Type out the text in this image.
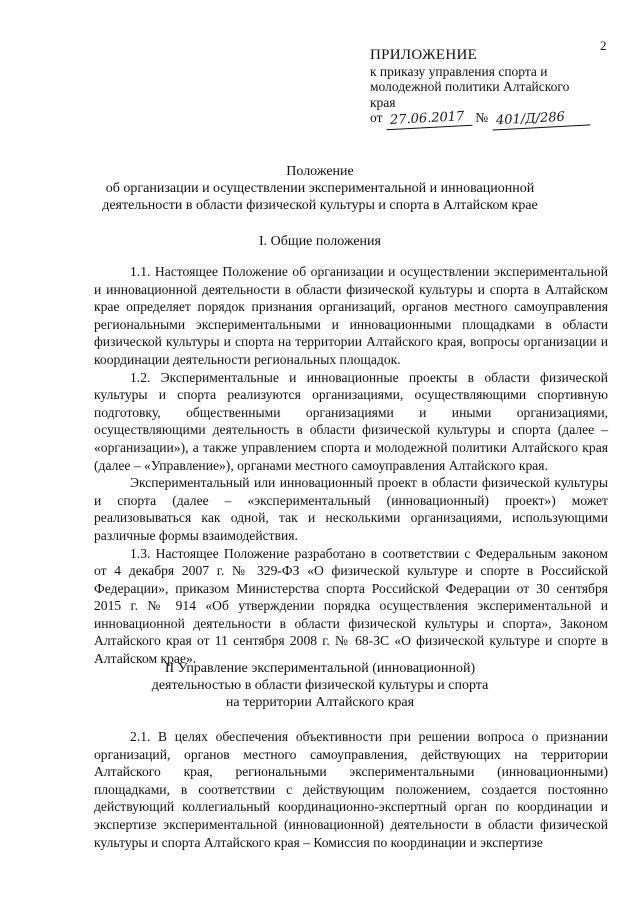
2
ПРИЛОЖЕНИЕ
к приказу управления спорта и
молодежной политики Алтайского
края
от 27.06.2017 № 401/Д/286
Положение
об организации и осуществлении экспериментальной и инновационной
деятельности в области физической культуры и спорта в Алтайском крае
I. Общие положения

1.1. Настоящее Положение об организации и осуществлении экспериментальной и инновационной деятельности в области физической культуры и спорта в Алтайском крае определяет порядок признания организаций, органов местного самоуправления региональными экспериментальными и инновационными площадками в области физической культуры и спорта на территории Алтайского края, вопросы организации и координации деятельности региональных площадок.

1.2. Экспериментальные и инновационные проекты в области физической культуры и спорта реализуются организациями, осуществляющими спортивную подготовку, общественными организациями и иными организациями, осуществляющими деятельность в области физической культуры и спорта (далее – «организации»), а также управлением спорта и молодежной политики Алтайского края (далее – «Управление»), органами местного самоуправления Алтайского края.

Экспериментальный или инновационный проект в области физической культуры и спорта (далее – «экспериментальный (инновационный) проект») может реализовываться как одной, так и несколькими организациями, использующими различные формы взаимодействия.

1.3. Настоящее Положение разработано в соответствии с Федеральным законом от 4 декабря 2007 г. № 329-ФЗ «О физической культуре и спорте в Российской Федерации», приказом Министерства спорта Российской Федерации от 30 сентября 2015 г. № 914 «Об утверждении порядка осуществления экспериментальной и инновационной деятельности в области физической культуры и спорта», Законом Алтайского края от 11 сентября 2008 г. № 68-ЗС «О физической культуре и спорте в Алтайском крае».

II Управление экспериментальной (инновационной)
деятельностью в области физической культуры и спорта
на территории Алтайского края

2.1. В целях обеспечения объективности при решении вопроса о признании организаций, органов местного самоуправления, действующих на территории Алтайского края, региональными экспериментальными (инновационными) площадками, в соответствии с действующим положением, создается постоянно действующий коллегиальный координационно-экспертный орган по координации и экспертизе экспериментальной (инновационной) деятельности в области физической культуры и спорта Алтайского края – Комиссия по координации и экспертизе
